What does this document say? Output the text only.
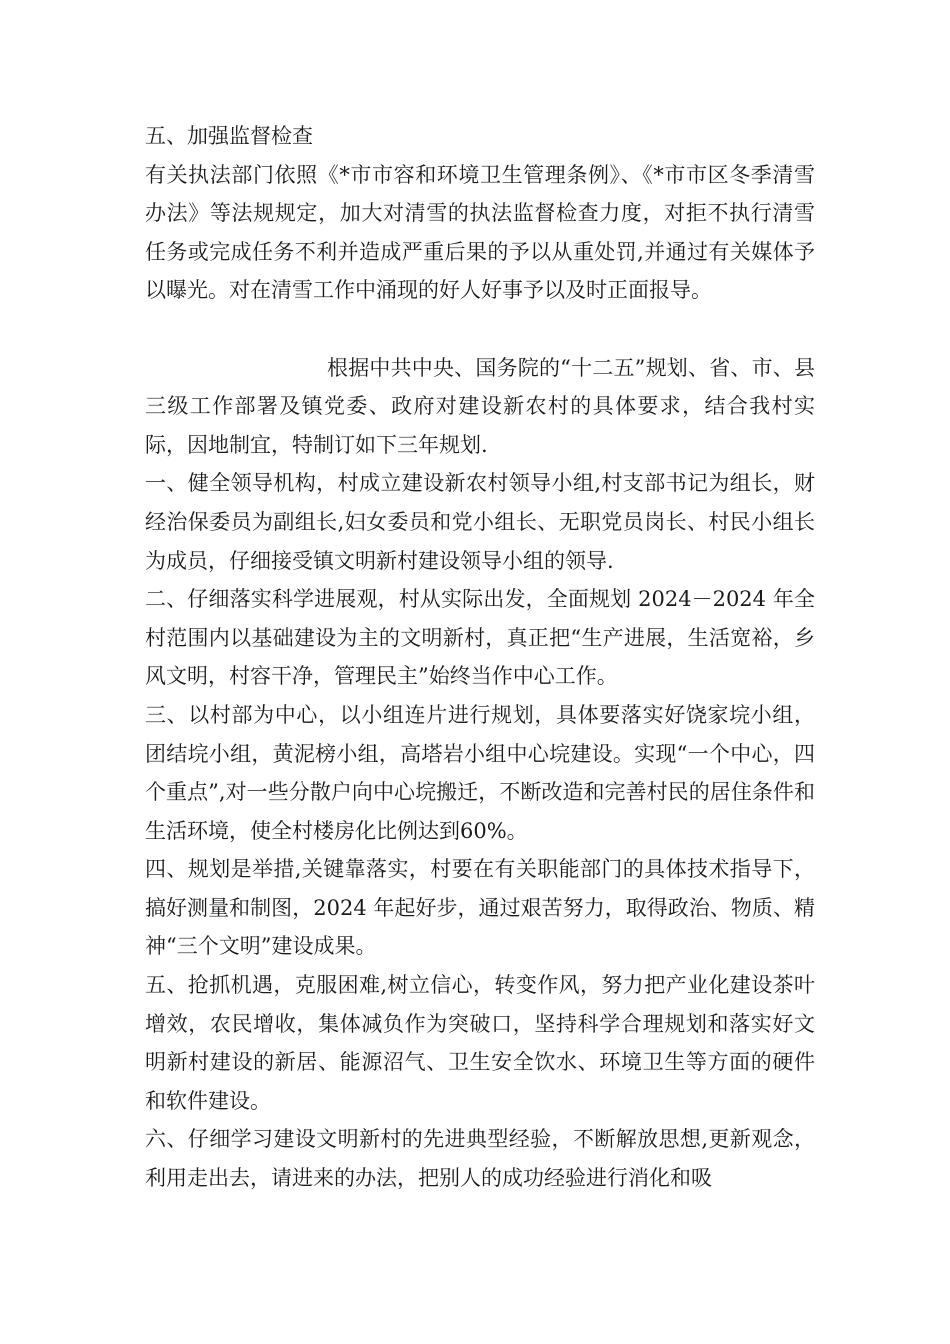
五、加强监督检查

有关执法部门依照《*市市容和环境卫生管理条例》、《*市市区冬季清雪办法》等法规规定，加大对清雪的执法监督检查力度，对拒不执行清雪任务或完成任务不利并造成严重后果的予以从重处罚,并通过有关媒体予以曝光。对在清雪工作中涌现的好人好事予以及时正面报导。

根据中共中央、国务院的“十二五”规划、省、市、县三级工作部署及镇党委、政府对建设新农村的具体要求，结合我村实际，因地制宜，特制订如下三年规划.

一、健全领导机构，村成立建设新农村领导小组,村支部书记为组长，财经治保委员为副组长,妇女委员和党小组长、无职党员岗长、村民小组长为成员，仔细接受镇文明新村建设领导小组的领导.

二、仔细落实科学进展观，村从实际出发，全面规划 2024－2024 年全村范围内以基础建设为主的文明新村，真正把“生产进展，生活宽裕，乡风文明，村容干净，管理民主”始终当作中心工作。

三、以村部为中心，以小组连片进行规划，具体要落实好饶家垸小组，团结垸小组，黄泥榜小组，高塔岩小组中心垸建设。实现“一个中心，四个重点”,对一些分散户向中心垸搬迁，不断改造和完善村民的居住条件和生活环境，使全村楼房化比例达到60%。

四、规划是举措,关键靠落实，村要在有关职能部门的具体技术指导下，搞好测量和制图，2024 年起好步，通过艰苦努力，取得政治、物质、精神“三个文明”建设成果。

五、抢抓机遇，克服困难,树立信心，转变作风，努力把产业化建设茶叶增效，农民增收，集体减负作为突破口，坚持科学合理规划和落实好文明新村建设的新居、能源沼气、卫生安全饮水、环境卫生等方面的硬件和软件建设。

六、仔细学习建设文明新村的先进典型经验，不断解放思想,更新观念，利用走出去，请进来的办法，把别人的成功经验进行消化和吸
